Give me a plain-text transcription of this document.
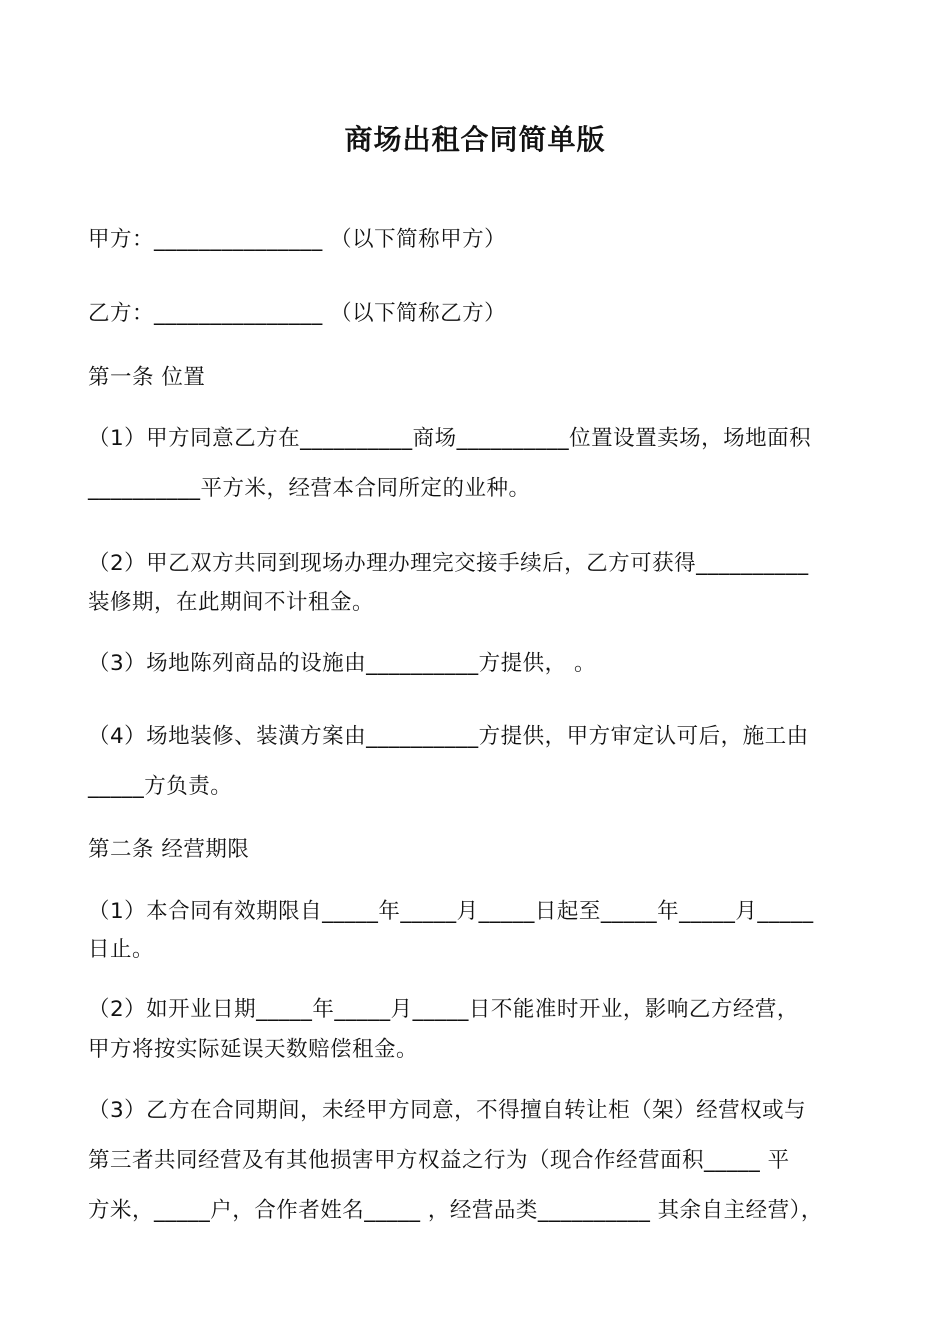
商场出租合同简单版
甲方：_______________ （以下简称甲方）
乙方：_______________ （以下简称乙方）
第一条 位置
（1）甲方同意乙方在__________商场__________位置设置卖场，场地面积
__________平方米，经营本合同所定的业种。
（2）甲乙双方共同到现场办理办理完交接手续后，乙方可获得__________
装修期，在此期间不计租金。
（3）场地陈列商品的设施由__________方提供， 。
（4）场地装修、装潢方案由__________方提供，甲方审定认可后，施工由
_____方负责。
第二条 经营期限
（1）本合同有效期限自_____年_____月_____日起至_____年_____月_____
日止。
（2）如开业日期_____年_____月_____日不能准时开业，影响乙方经营，
甲方将按实际延误天数赔偿租金。
（3）乙方在合同期间，未经甲方同意，不得擅自转让柜（架）经营权或与
第三者共同经营及有其他损害甲方权益之行为（现合作经营面积_____ 平
方米，_____户，合作者姓名_____ ，经营品类__________ 其余自主经营），
